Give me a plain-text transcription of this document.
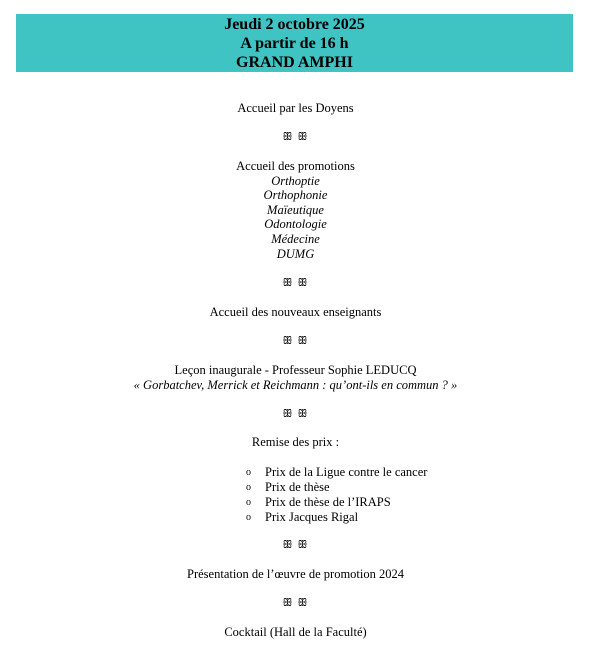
Jeudi 2 octobre 2025
A partir de 16 h
GRAND AMPHI
Accueil par les Doyens
ꕥ ꕥ
Accueil des promotions
Orthoptie
Orthophonie
Maïeutique
Odontologie
Médecine
DUMG
ꕥ ꕥ
Accueil des nouveaux enseignants
ꕥ ꕥ
Leçon inaugurale - Professeur Sophie LEDUCQ
« Gorbatchev, Merrick et Reichmann : qu’ont-ils en commun ? »
ꕥ ꕥ
Remise des prix :
o	Prix de la Ligue contre le cancer
o	Prix de thèse
o	Prix de thèse de l’IRAPS
o	Prix Jacques Rigal
ꕥ ꕥ
Présentation de l’œuvre de promotion 2024
ꕥ ꕥ
Cocktail (Hall de la Faculté)
